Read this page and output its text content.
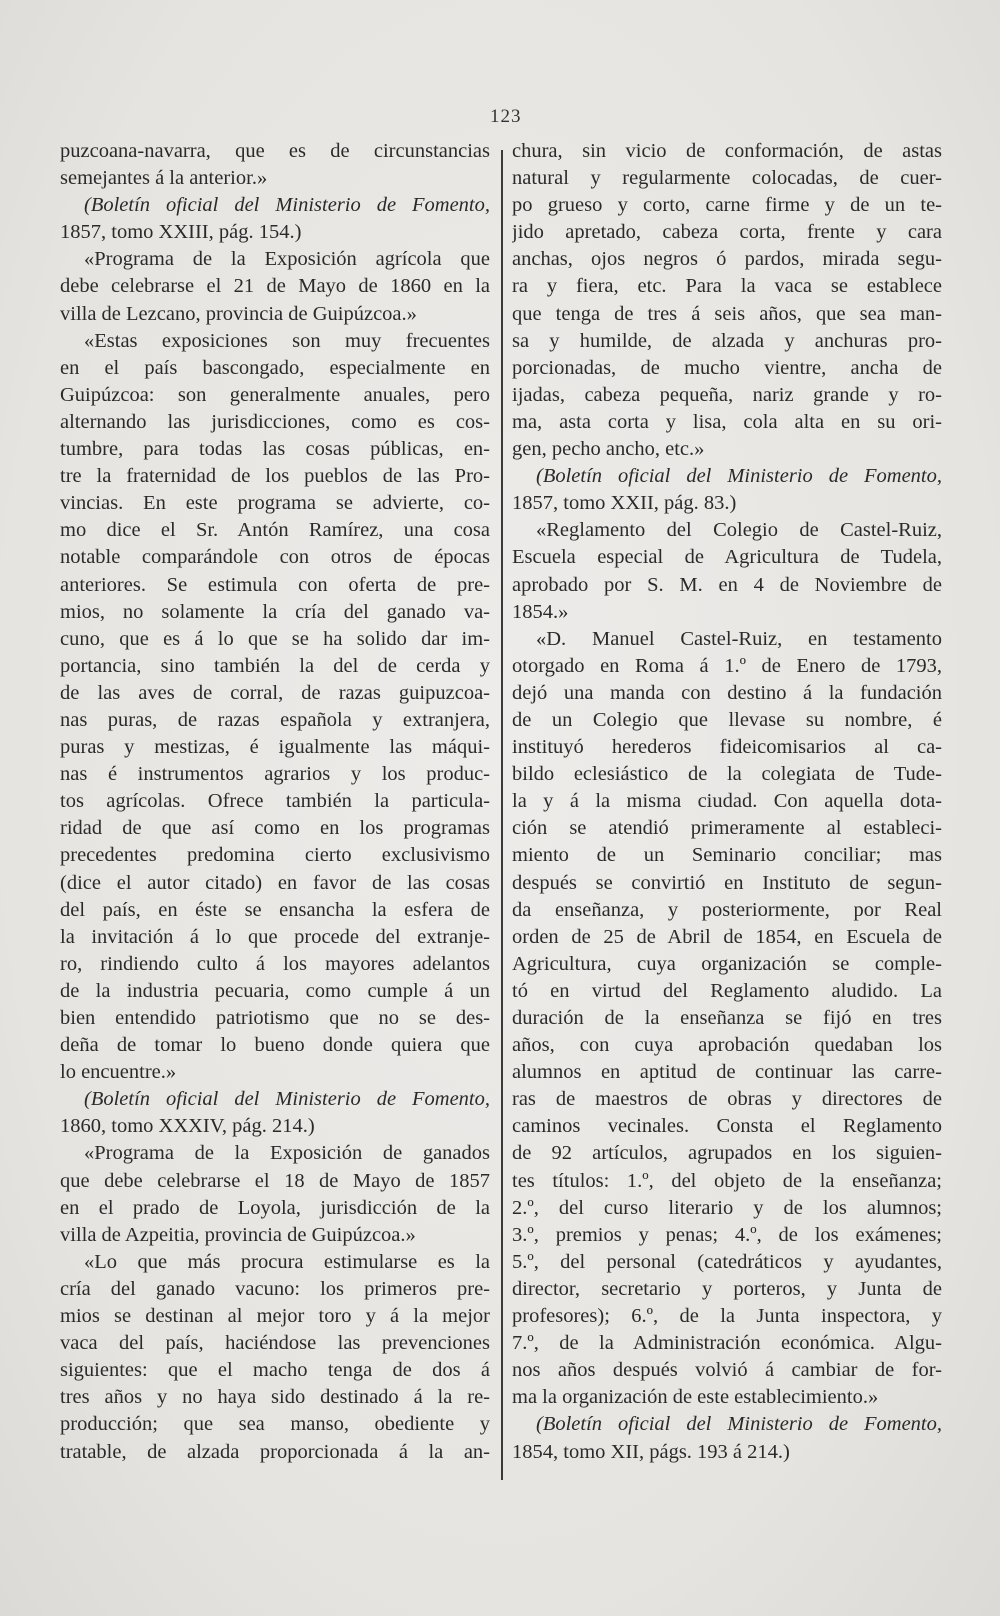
123
puzcoana-navarra, que es de circunstancias
semejantes á la anterior.»
(Boletín oficial del Ministerio de Fomento,
1857, tomo XXIII, pág. 154.)
«Programa de la Exposición agrícola que
debe celebrarse el 21 de Mayo de 1860 en la
villa de Lezcano, provincia de Guipúzcoa.»
«Estas exposiciones son muy frecuentes
en el país bascongado, especialmente en
Guipúzcoa: son generalmente anuales, pero
alternando las jurisdicciones, como es cos-
tumbre, para todas las cosas públicas, en-
tre la fraternidad de los pueblos de las Pro-
vincias. En este programa se advierte, co-
mo dice el Sr. Antón Ramírez, una cosa
notable comparándole con otros de épocas
anteriores. Se estimula con oferta de pre-
mios, no solamente la cría del ganado va-
cuno, que es á lo que se ha solido dar im-
portancia, sino también la del de cerda y
de las aves de corral, de razas guipuzcoa-
nas puras, de razas española y extranjera,
puras y mestizas, é igualmente las máqui-
nas é instrumentos agrarios y los produc-
tos agrícolas. Ofrece también la particula-
ridad de que así como en los programas
precedentes predomina cierto exclusivismo
(dice el autor citado) en favor de las cosas
del país, en éste se ensancha la esfera de
la invitación á lo que procede del extranje-
ro, rindiendo culto á los mayores adelantos
de la industria pecuaria, como cumple á un
bien entendido patriotismo que no se des-
deña de tomar lo bueno donde quiera que
lo encuentre.»
(Boletín oficial del Ministerio de Fomento,
1860, tomo XXXIV, pág. 214.)
«Programa de la Exposición de ganados
que debe celebrarse el 18 de Mayo de 1857
en el prado de Loyola, jurisdicción de la
villa de Azpeitia, provincia de Guipúzcoa.»
«Lo que más procura estimularse es la
cría del ganado vacuno: los primeros pre-
mios se destinan al mejor toro y á la mejor
vaca del país, haciéndose las prevenciones
siguientes: que el macho tenga de dos á
tres años y no haya sido destinado á la re-
producción; que sea manso, obediente y
tratable, de alzada proporcionada á la an-
chura, sin vicio de conformación, de astas
natural y regularmente colocadas, de cuer-
po grueso y corto, carne firme y de un te-
jido apretado, cabeza corta, frente y cara
anchas, ojos negros ó pardos, mirada segu-
ra y fiera, etc. Para la vaca se establece
que tenga de tres á seis años, que sea man-
sa y humilde, de alzada y anchuras pro-
porcionadas, de mucho vientre, ancha de
ijadas, cabeza pequeña, nariz grande y ro-
ma, asta corta y lisa, cola alta en su ori-
gen, pecho ancho, etc.»
(Boletín oficial del Ministerio de Fomento,
1857, tomo XXII, pág. 83.)
«Reglamento del Colegio de Castel-Ruiz,
Escuela especial de Agricultura de Tudela,
aprobado por S. M. en 4 de Noviembre de
1854.»
«D. Manuel Castel-Ruiz, en testamento
otorgado en Roma á 1.º de Enero de 1793,
dejó una manda con destino á la fundación
de un Colegio que llevase su nombre, é
instituyó herederos fideicomisarios al ca-
bildo eclesiástico de la colegiata de Tude-
la y á la misma ciudad. Con aquella dota-
ción se atendió primeramente al estableci-
miento de un Seminario conciliar; mas
después se convirtió en Instituto de segun-
da enseñanza, y posteriormente, por Real
orden de 25 de Abril de 1854, en Escuela de
Agricultura, cuya organización se comple-
tó en virtud del Reglamento aludido. La
duración de la enseñanza se fijó en tres
años, con cuya aprobación quedaban los
alumnos en aptitud de continuar las carre-
ras de maestros de obras y directores de
caminos vecinales. Consta el Reglamento
de 92 artículos, agrupados en los siguien-
tes títulos: 1.º, del objeto de la enseñanza;
2.º, del curso literario y de los alumnos;
3.º, premios y penas; 4.º, de los exámenes;
5.º, del personal (catedráticos y ayudantes,
director, secretario y porteros, y Junta de
profesores); 6.º, de la Junta inspectora, y
7.º, de la Administración económica. Algu-
nos años después volvió á cambiar de for-
ma la organización de este establecimiento.»
(Boletín oficial del Ministerio de Fomento,
1854, tomo XII, págs. 193 á 214.)
